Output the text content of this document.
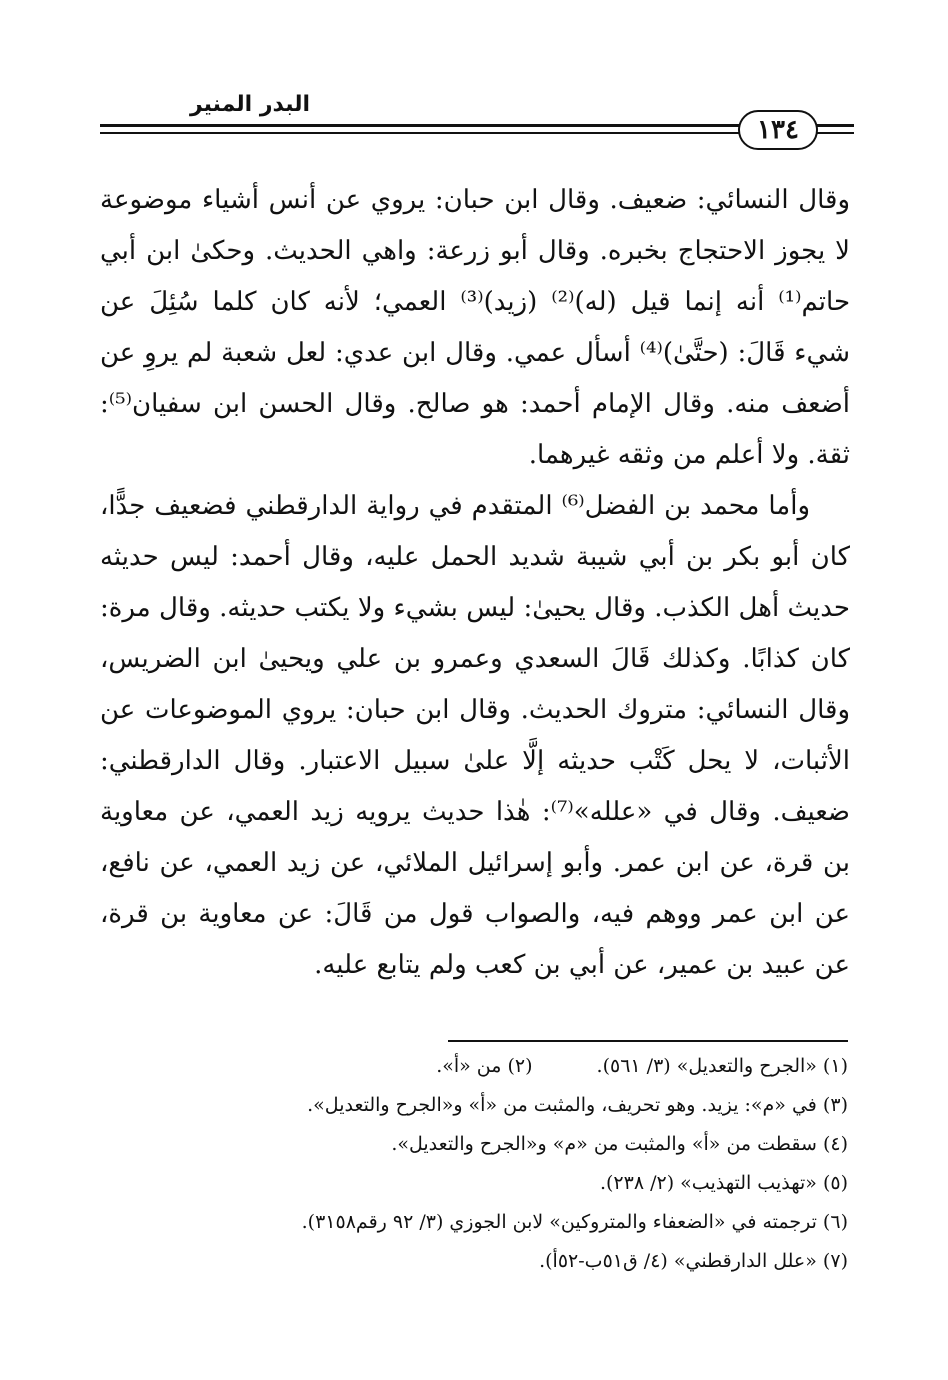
البدر المنير
١٣٤

وقال النسائي: ضعيف. وقال ابن حبان: يروي عن أنس أشياء موضوعة لا يجوز الاحتجاج بخبره. وقال أبو زرعة: واهي الحديث. وحكىٰ ابن أبي حاتم⁽¹⁾ أنه إنما قيل (له)⁽²⁾ (زيد)⁽³⁾ العمي؛ لأنه كان كلما سُئِلَ عن شيء قَالَ: (حتَّىٰ)⁽⁴⁾ أسأل عمي. وقال ابن عدي: لعل شعبة لم يروِ عن أضعف منه. وقال الإمام أحمد: هو صالح. وقال الحسن ابن سفيان⁽⁵⁾: ثقة. ولا أعلم من وثقه غيرهما.

وأما محمد بن الفضل⁽⁶⁾ المتقدم في رواية الدارقطني فضعيف جدًّا، كان أبو بكر بن أبي شيبة شديد الحمل عليه، وقال أحمد: ليس حديثه حديث أهل الكذب. وقال يحيىٰ: ليس بشيء ولا يكتب حديثه. وقال مرة: كان كذابًا. وكذلك قَالَ السعدي وعمرو بن علي ويحيىٰ ابن الضريس، وقال النسائي: متروك الحديث. وقال ابن حبان: يروي الموضوعات عن الأثبات، لا يحل كَتْب حديثه إلَّا علىٰ سبيل الاعتبار. وقال الدارقطني: ضعيف. وقال في «علله»⁽⁷⁾: هٰذا حديث يرويه زيد العمي، عن معاوية بن قرة، عن ابن عمر. وأبو إسرائيل الملائي، عن زيد العمي، عن نافع، عن ابن عمر ووهم فيه، والصواب قول من قَالَ: عن معاوية بن قرة، عن عبيد بن عمير، عن أبي بن كعب ولم يتابع عليه.

(١) «الجرح والتعديل» (٣/ ٥٦١).(٢) من «أ».
(٣) في «م»: يزيد. وهو تحريف، والمثبت من «أ» و«الجرح والتعديل».
(٤) سقطت من «أ» والمثبت من «م» و«الجرح والتعديل».
(٥) «تهذيب التهذيب» (٢/ ٢٣٨).
(٦) ترجمته في «الضعفاء والمتروكين» لابن الجوزي (٣/ ٩٢ رقم٣١٥٨).
(٧) «علل الدارقطني» (٤/ ق٥١ب-٥٢أ).
